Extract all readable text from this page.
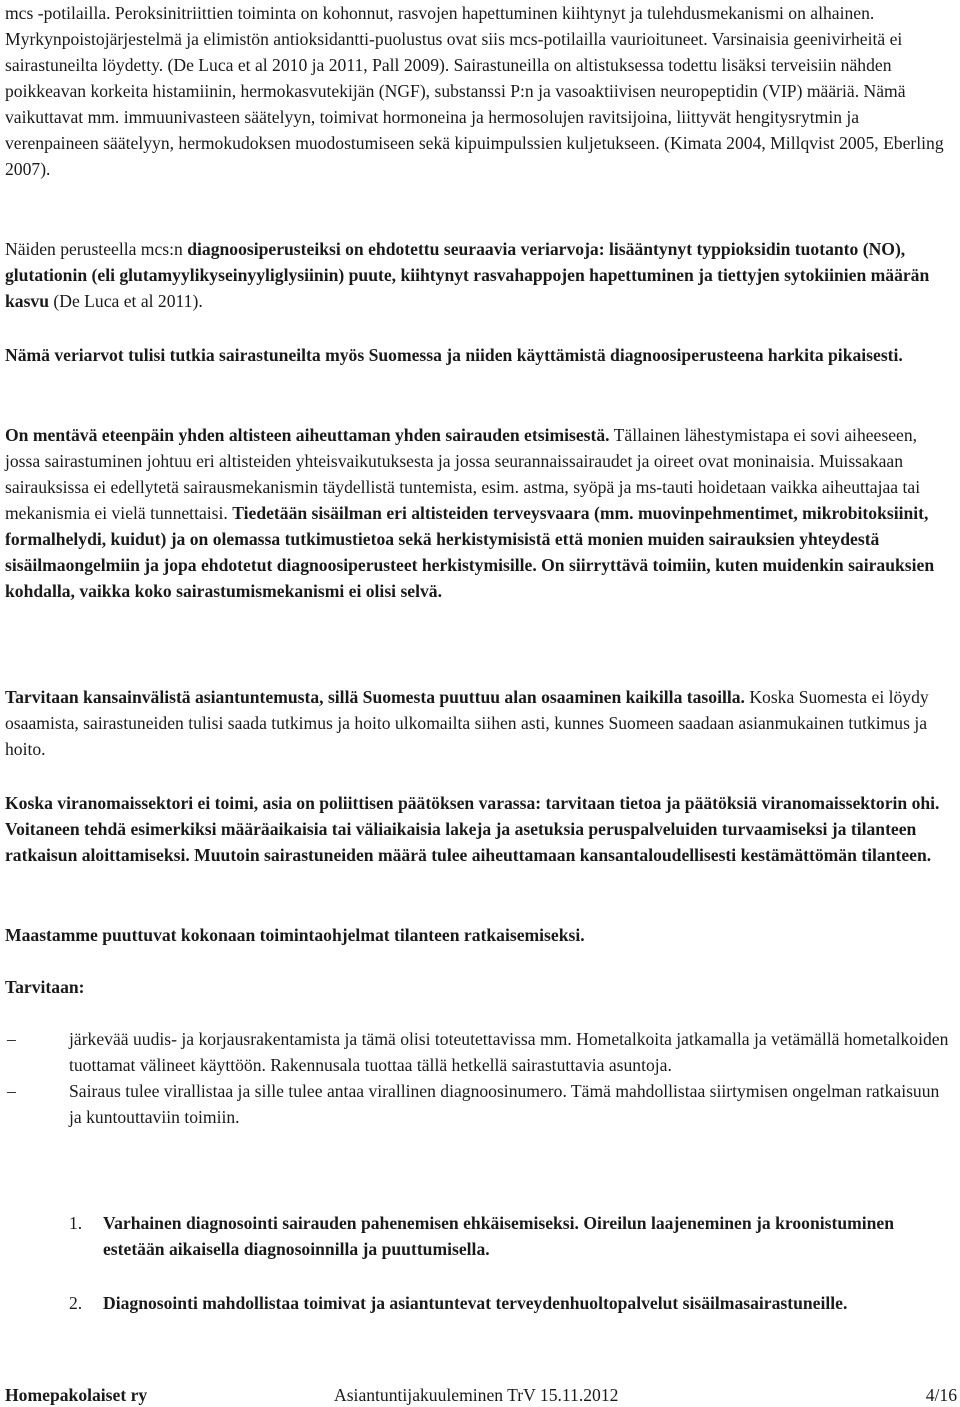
mcs -potilailla. Peroksinitriittien toiminta on kohonnut, rasvojen hapettuminen kiihtynyt ja tulehdusmekanismi on alhainen. Myrkynpoistojärjestelmä ja elimistön antioksidantti-puolustus ovat siis mcs-potilailla vaurioituneet. Varsinaisia geenivirheitä ei sairastuneilta löydetty. (De Luca et al 2010 ja 2011, Pall 2009). Sairastuneilla on altistuksessa todettu lisäksi terveisiin nähden poikkeavan korkeita histamiinin, hermokasvutekijän (NGF), substanssi P:n ja vasoaktiivisen neuropeptidin (VIP) määriä. Nämä vaikuttavat mm. immuunivasteen säätelyyn, toimivat hormoneina ja hermosolujen ravitsijoina, liittyvät hengitysrytmin ja verenpaineen säätelyyn, hermokudoksen muodostumiseen sekä kipuimpulssien kuljetukseen. (Kimata 2004, Millqvist 2005, Eberling 2007).

Näiden perusteella mcs:n diagnoosiperusteiksi on ehdotettu seuraavia veriarvoja: lisääntynyt typpioksidin tuotanto (NO), glutationin (eli glutamyylikyseinyyliglysiinin) puute, kiihtynyt rasvahappojen hapettuminen ja tiettyjen sytokiinien määrän kasvu (De Luca et al 2011).

Nämä veriarvot tulisi tutkia sairastuneilta myös Suomessa ja niiden käyttämistä diagnoosiperusteena harkita pikaisesti.

On mentävä eteenpäin yhden altisteen aiheuttaman yhden sairauden etsimisestä. Tällainen lähestymistapa ei sovi aiheeseen, jossa sairastuminen johtuu eri altisteiden yhteisvaikutuksesta ja jossa seurannaissairaudet ja oireet ovat moninaisia. Muissakaan sairauksissa ei edellytetä sairausmekanismin täydellistä tuntemista, esim. astma, syöpä ja ms-tauti hoidetaan vaikka aiheuttajaa tai mekanismia ei vielä tunnettaisi. Tiedetään sisäilman eri altisteiden terveysvaara (mm. muovinpehmentimet, mikrobitoksiinit, formalhelydi, kuidut) ja on olemassa tutkimustietoa sekä herkistymisistä että monien muiden sairauksien yhteydestä sisäilmaongelmiin ja jopa ehdotetut diagnoosiperusteet herkistymisille. On siirryttävä toimiin, kuten muidenkin sairauksien kohdalla, vaikka koko sairastumismekanismi ei olisi selvä.

Tarvitaan kansainvälistä asiantuntemusta, sillä Suomesta puuttuu alan osaaminen kaikilla tasoilla. Koska Suomesta ei löydy osaamista, sairastuneiden tulisi saada tutkimus ja hoito ulkomailta siihen asti, kunnes Suomeen saadaan asianmukainen tutkimus ja hoito.

Koska viranomaissektori ei toimi, asia on poliittisen päätöksen varassa: tarvitaan tietoa ja päätöksiä viranomaissektorin ohi. Voitaneen tehdä esimerkiksi määräaikaisia tai väliaikaisia lakeja ja asetuksia peruspalveluiden turvaamiseksi ja tilanteen ratkaisun aloittamiseksi. Muutoin sairastuneiden määrä tulee aiheuttamaan kansantaloudellisesti kestämättömän tilanteen.

Maastamme puuttuvat kokonaan toimintaohjelmat tilanteen ratkaisemiseksi.

Tarvitaan:

–	järkevää uudis- ja korjausrakentamista ja tämä olisi toteutettavissa mm. Hometalkoita jatkamalla ja vetämällä hometalkoiden tuottamat välineet käyttöön. Rakennusala tuottaa tällä hetkellä sairastuttavia asuntoja.

–	Sairaus tulee virallistaa ja sille tulee antaa virallinen diagnoosinumero. Tämä mahdollistaa siirtymisen ongelman ratkaisuun ja kuntouttaviin toimiin.

1. Varhainen diagnosointi sairauden pahenemisen ehkäisemiseksi. Oireilun laajeneminen ja kroonistuminen estetään aikaisella diagnosoinnilla ja puuttumisella.

2. Diagnosointi mahdollistaa toimivat ja asiantuntevat terveydenhuoltopalvelut sisäilmasairastuneille.

Homepakolaiset ry	Asiantuntijakuuleminen TrV 15.11.2012	4/16
